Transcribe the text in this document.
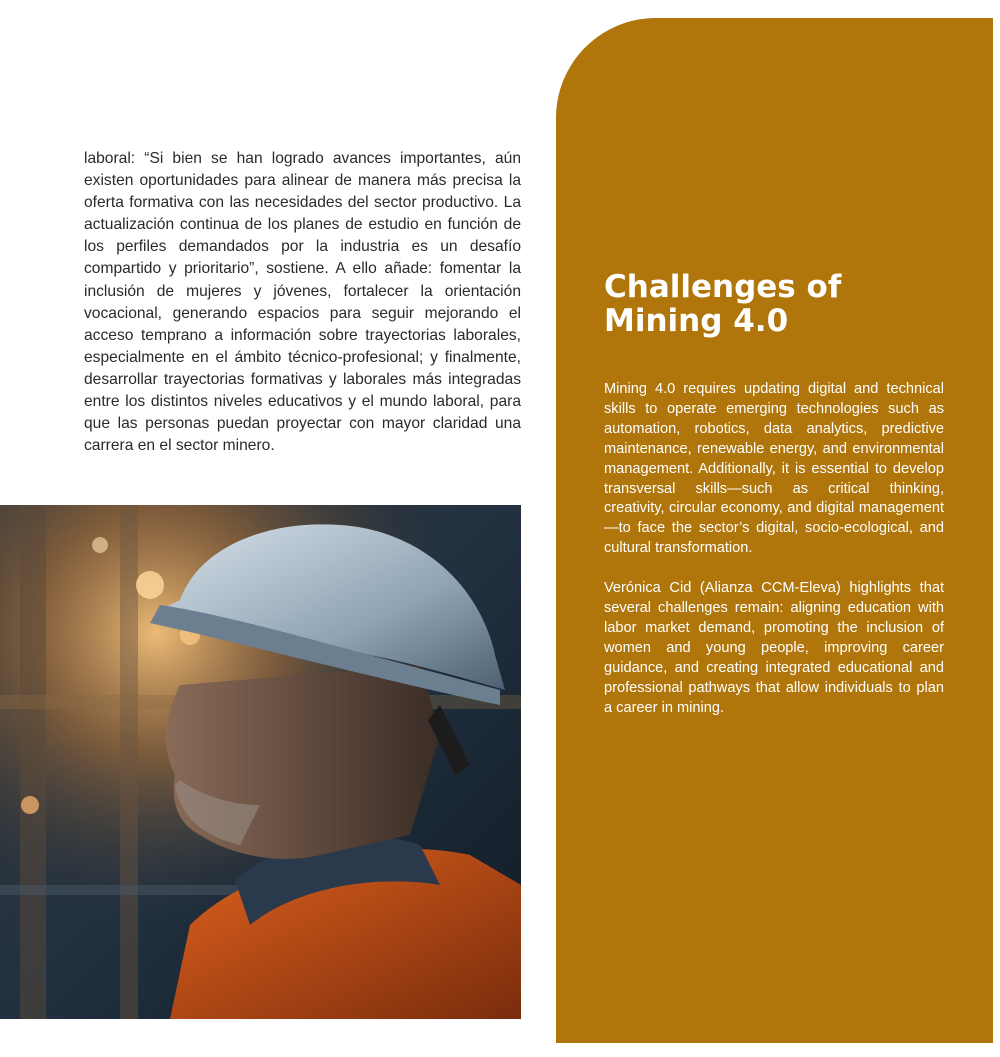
laboral: “Si bien se han logrado avances importantes, aún existen oportunidades para alinear de manera más precisa la oferta formativa con las necesidades del sector productivo. La actualización continua de los planes de estudio en función de los perfiles demandados por la industria es un desafío compartido y prioritario”, sostiene. A ello añade: fomentar la inclusión de mujeres y jóvenes, fortalecer la orientación vocacional, generando espacios para seguir mejorando el acceso temprano a información sobre trayectorias laborales, especialmente en el ámbito técnico-profesional; y finalmente, desarrollar trayectorias formativas y laborales más integradas entre los distintos niveles educativos y el mundo laboral, para que las personas puedan proyectar con mayor claridad una carrera en el sector minero.

Challenges of Mining 4.0

Mining 4.0 requires updating digital and technical skills to operate emerging technologies such as automation, robotics, data analytics, predictive maintenance, renewable energy, and environmental management. Additionally, it is essential to develop transversal skills—such as critical thinking, creativity, circular economy, and digital management—to face the sector’s digital, socio-ecological, and cultural transformation.

Verónica Cid (Alianza CCM-Eleva) highlights that several challenges remain: aligning education with labor market demand, promoting the inclusion of women and young people, improving career guidance, and creating integrated educational and professional pathways that allow individuals to plan a career in mining.
